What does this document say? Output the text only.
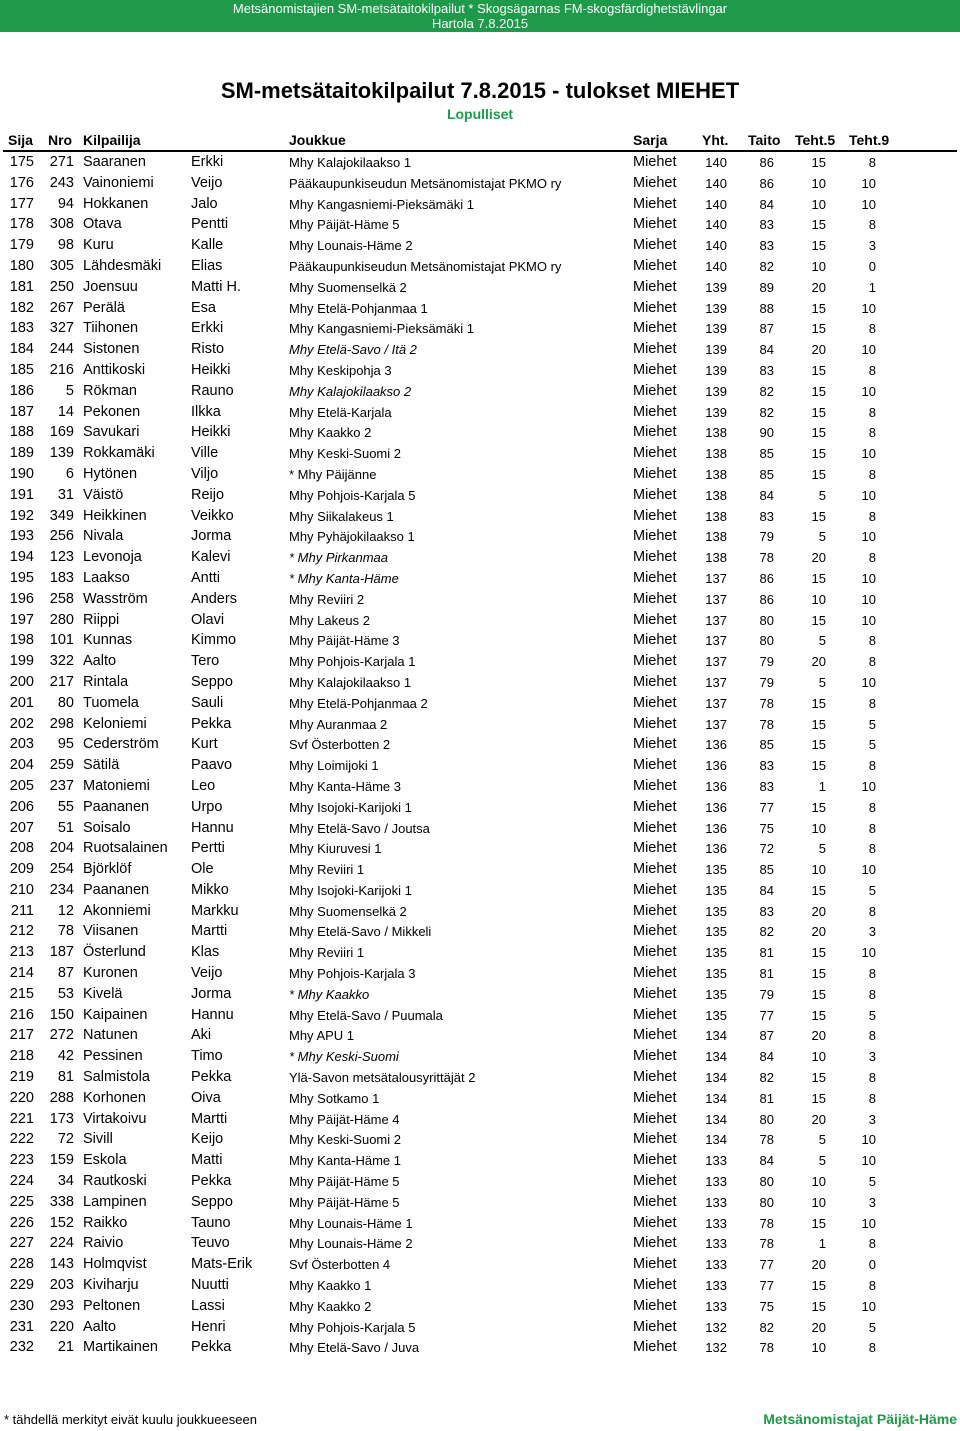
Metsänomistajien SM-metsätaitokilpailut * Skogsägarnas FM-skogsfärdighetstävlingar
Hartola 7.8.2015
SM-metsätaitokilpailut 7.8.2015 - tulokset MIEHET
Lopulliset
Sija Nro Kilpailija	Joukkue	Sarja Yht. Taito Teht.5 Teht.9
175	271 Saaranen	Erkki	Mhy Kalajokilaakso 1	Miehet	140	86	15	8
176	243 Vainoniemi	Veijo	Pääkaupunkiseudun Metsänomistajat PKMO ry	Miehet	140	86	10	10
177	94 Hokkanen	Jalo	Mhy Kangasniemi-Pieksämäki 1	Miehet	140	84	10	10
178	308 Otava	Pentti	Mhy Päijät-Häme 5	Miehet	140	83	15	8
179	98 Kuru	Kalle	Mhy Lounais-Häme 2	Miehet	140	83	15	3
180	305 Lähdesmäki Elias	Pääkaupunkiseudun Metsänomistajat PKMO ry	Miehet	140	82	10	0
181	250 Joensuu	Matti H.	Mhy Suomenselkä 2	Miehet	139	89	20	1
182	267 Perälä	Esa	Mhy Etelä-Pohjanmaa 1	Miehet	139	88	15	10
183	327 Tiihonen	Erkki	Mhy Kangasniemi-Pieksämäki 1	Miehet	139	87	15	8
184	244 Sistonen	Risto	Mhy Etelä-Savo / Itä 2	Miehet	139	84	20	10
185	216 Anttikoski	Heikki	Mhy Keskipohja 3	Miehet	139	83	15	8
186	5 Rökman	Rauno	Mhy Kalajokilaakso 2	Miehet	139	82	15	10
187	14 Pekonen	Ilkka	Mhy Etelä-Karjala	Miehet	139	82	15	8
188	169 Savukari	Heikki	Mhy Kaakko 2	Miehet	138	90	15	8
189	139 Rokkamäki	Ville	Mhy Keski-Suomi 2	Miehet	138	85	15	10
190	6 Hytönen	Viljo	* Mhy Päijänne	Miehet	138	85	15	8
191	31 Väistö	Reijo	Mhy Pohjois-Karjala 5	Miehet	138	84	5	10
192	349 Heikkinen	Veikko	Mhy Siikalakeus 1	Miehet	138	83	15	8
193	256 Nivala	Jorma	Mhy Pyhäjokilaakso 1	Miehet	138	79	5	10
194	123 Levonoja	Kalevi	* Mhy Pirkanmaa	Miehet	138	78	20	8
195	183 Laakso	Antti	* Mhy Kanta-Häme	Miehet	137	86	15	10
196	258 Wasström	Anders	Mhy Reviiri 2	Miehet	137	86	10	10
197	280 Riippi	Olavi	Mhy Lakeus 2	Miehet	137	80	15	10
198	101 Kunnas	Kimmo	Mhy Päijät-Häme 3	Miehet	137	80	5	8
199	322 Aalto	Tero	Mhy Pohjois-Karjala 1	Miehet	137	79	20	8
200	217 Rintala	Seppo	Mhy Kalajokilaakso 1	Miehet	137	79	5	10
201	80 Tuomela	Sauli	Mhy Etelä-Pohjanmaa 2	Miehet	137	78	15	8
202	298 Keloniemi	Pekka	Mhy Auranmaa 2	Miehet	137	78	15	5
203	95 Cederström Kurt	Svf Österbotten 2	Miehet	136	85	15	5
204	259 Sätilä	Paavo	Mhy Loimijoki 1	Miehet	136	83	15	8
205	237 Matoniemi	Leo	Mhy Kanta-Häme 3	Miehet	136	83	1	10
206	55 Paananen	Urpo	Mhy Isojoki-Karijoki 1	Miehet	136	77	15	8
207	51 Soisalo	Hannu	Mhy Etelä-Savo / Joutsa	Miehet	136	75	10	8
208	204 Ruotsalainen Pertti	Mhy Kiuruvesi 1	Miehet	136	72	5	8
209	254 Björklöf	Ole	Mhy Reviiri 1	Miehet	135	85	10	10
210	234 Paananen	Mikko	Mhy Isojoki-Karijoki 1	Miehet	135	84	15	5
211	12 Akonniemi	Markku	Mhy Suomenselkä 2	Miehet	135	83	20	8
212	78 Viisanen	Martti	Mhy Etelä-Savo / Mikkeli	Miehet	135	82	20	3
213	187 Österlund	Klas	Mhy Reviiri 1	Miehet	135	81	15	10
214	87 Kuronen	Veijo	Mhy Pohjois-Karjala 3	Miehet	135	81	15	8
215	53 Kivelä	Jorma	* Mhy Kaakko	Miehet	135	79	15	8
216	150 Kaipainen	Hannu	Mhy Etelä-Savo / Puumala	Miehet	135	77	15	5
217	272 Natunen	Aki	Mhy APU 1	Miehet	134	87	20	8
218	42 Pessinen	Timo	* Mhy Keski-Suomi	Miehet	134	84	10	3
219	81 Salmistola	Pekka	Ylä-Savon metsätalousyrittäjät 2	Miehet	134	82	15	8
220	288 Korhonen	Oiva	Mhy Sotkamo 1	Miehet	134	81	15	8
221	173 Virtakoivu	Martti	Mhy Päijät-Häme 4	Miehet	134	80	20	3
222	72 Sivill	Keijo	Mhy Keski-Suomi 2	Miehet	134	78	5	10
223	159 Eskola	Matti	Mhy Kanta-Häme 1	Miehet	133	84	5	10
224	34 Rautkoski	Pekka	Mhy Päijät-Häme 5	Miehet	133	80	10	5
225	338 Lampinen	Seppo	Mhy Päijät-Häme 5	Miehet	133	80	10	3
226	152 Raikko	Tauno	Mhy Lounais-Häme 1	Miehet	133	78	15	10
227	224 Raivio	Teuvo	Mhy Lounais-Häme 2	Miehet	133	78	1	8
228	143 Holmqvist	Mats-Erik	Svf Österbotten 4	Miehet	133	77	20	0
229	203 Kiviharju	Nuutti	Mhy Kaakko 1	Miehet	133	77	15	8
230	293 Peltonen	Lassi	Mhy Kaakko 2	Miehet	133	75	15	10
231	220 Aalto	Henri	Mhy Pohjois-Karjala 5	Miehet	132	82	20	5
232	21 Martikainen Pekka	Mhy Etelä-Savo / Juva	Miehet	132	78	10	8
* tähdellä merkityt eivät kuulu joukkueeseen	Metsänomistajat Päijät-Häme
